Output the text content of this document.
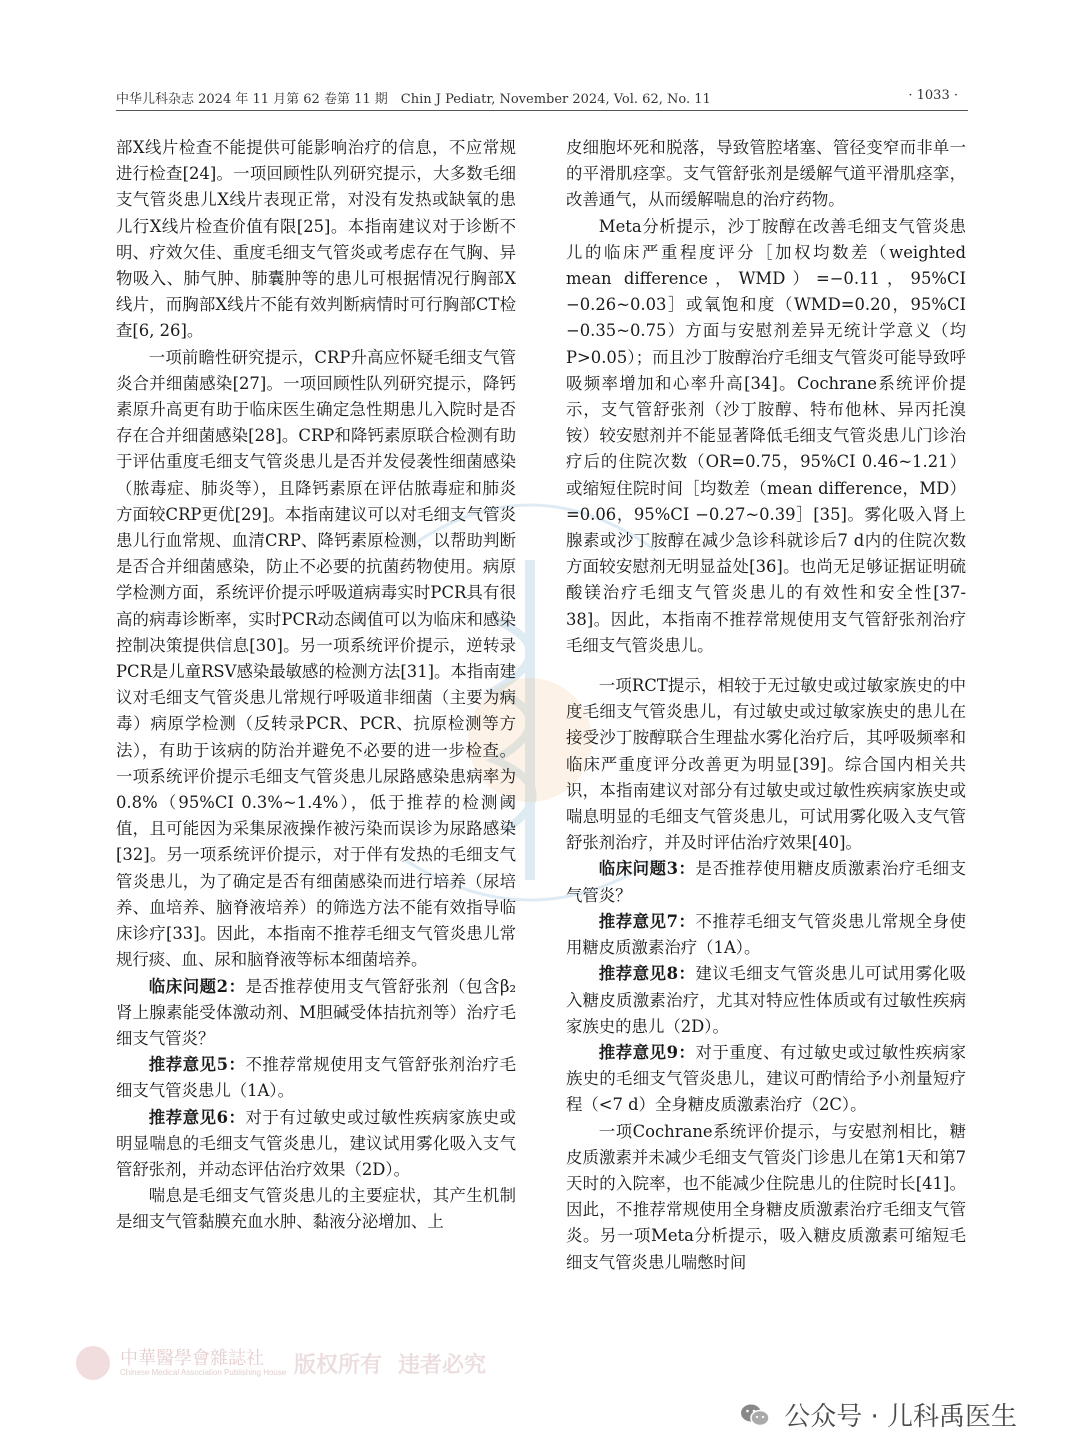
中华儿科杂志 2024 年 11 月第 62 卷第 11 期　Chin J Pediatr, November 2024, Vol. 62, No. 11	· 1033 ·

部X线片检查不能提供可能影响治疗的信息，不应常规进行检查[24]。一项回顾性队列研究提示，大多数毛细支气管炎患儿X线片表现正常，对没有发热或缺氧的患儿行X线片检查价值有限[25]。本指南建议对于诊断不明、疗效欠佳、重度毛细支气管炎或考虑存在气胸、异物吸入、肺气肿、肺囊肿等的患儿可根据情况行胸部X线片，而胸部X线片不能有效判断病情时可行胸部CT检查[6, 26]。

一项前瞻性研究提示，CRP升高应怀疑毛细支气管炎合并细菌感染[27]。一项回顾性队列研究提示，降钙素原升高更有助于临床医生确定急性期患儿入院时是否存在合并细菌感染[28]。CRP和降钙素原联合检测有助于评估重度毛细支气管炎患儿是否并发侵袭性细菌感染（脓毒症、肺炎等），且降钙素原在评估脓毒症和肺炎方面较CRP更优[29]。本指南建议可以对毛细支气管炎患儿行血常规、血清CRP、降钙素原检测，以帮助判断是否合并细菌感染，防止不必要的抗菌药物使用。病原学检测方面，系统评价提示呼吸道病毒实时PCR具有很高的病毒诊断率，实时PCR动态阈值可以为临床和感染控制决策提供信息[30]。另一项系统评价提示，逆转录PCR是儿童RSV感染最敏感的检测方法[31]。本指南建议对毛细支气管炎患儿常规行呼吸道非细菌（主要为病毒）病原学检测（反转录PCR、PCR、抗原检测等方法），有助于该病的防治并避免不必要的进一步检查。一项系统评价提示毛细支气管炎患儿尿路感染患病率为0.8%（95%CI 0.3%~1.4%），低于推荐的检测阈值，且可能因为采集尿液操作被污染而误诊为尿路感染[32]。另一项系统评价提示，对于伴有发热的毛细支气管炎患儿，为了确定是否有细菌感染而进行培养（尿培养、血培养、脑脊液培养）的筛选方法不能有效指导临床诊疗[33]。因此，本指南不推荐毛细支气管炎患儿常规行痰、血、尿和脑脊液等标本细菌培养。

临床问题2：是否推荐使用支气管舒张剂（包含β₂肾上腺素能受体激动剂、M胆碱受体拮抗剂等）治疗毛细支气管炎？

推荐意见5：不推荐常规使用支气管舒张剂治疗毛细支气管炎患儿（1A）。

推荐意见6：对于有过敏史或过敏性疾病家族史或明显喘息的毛细支气管炎患儿，建议试用雾化吸入支气管舒张剂，并动态评估治疗效果（2D）。

喘息是毛细支气管炎患儿的主要症状，其产生机制是细支气管黏膜充血水肿、黏液分泌增加、上

皮细胞坏死和脱落，导致管腔堵塞、管径变窄而非单一的平滑肌痉挛。支气管舒张剂是缓解气道平滑肌痉挛，改善通气，从而缓解喘息的治疗药物。

Meta分析提示，沙丁胺醇在改善毛细支气管炎患儿的临床严重程度评分［加权均数差（weighted mean difference，WMD）=−0.11，95%CI −0.26~0.03］或氧饱和度（WMD=0.20，95%CI −0.35~0.75）方面与安慰剂差异无统计学意义（均P>0.05）；而且沙丁胺醇治疗毛细支气管炎可能导致呼吸频率增加和心率升高[34]。Cochrane系统评价提示，支气管舒张剂（沙丁胺醇、特布他林、异丙托溴铵）较安慰剂并不能显著降低毛细支气管炎患儿门诊治疗后的住院次数（OR=0.75，95%CI 0.46~1.21）或缩短住院时间［均数差（mean difference，MD）=0.06，95%CI −0.27~0.39］[35]。雾化吸入肾上腺素或沙丁胺醇在减少急诊科就诊后7 d内的住院次数方面较安慰剂无明显益处[36]。也尚无足够证据证明硫酸镁治疗毛细支气管炎患儿的有效性和安全性[37-38]。因此，本指南不推荐常规使用支气管舒张剂治疗毛细支气管炎患儿。

一项RCT提示，相较于无过敏史或过敏家族史的中度毛细支气管炎患儿，有过敏史或过敏家族史的患儿在接受沙丁胺醇联合生理盐水雾化治疗后，其呼吸频率和临床严重度评分改善更为明显[39]。综合国内相关共识，本指南建议对部分有过敏史或过敏性疾病家族史或喘息明显的毛细支气管炎患儿，可试用雾化吸入支气管舒张剂治疗，并及时评估治疗效果[40]。

临床问题3：是否推荐使用糖皮质激素治疗毛细支气管炎？

推荐意见7：不推荐毛细支气管炎患儿常规全身使用糖皮质激素治疗（1A）。

推荐意见8：建议毛细支气管炎患儿可试用雾化吸入糖皮质激素治疗，尤其对特应性体质或有过敏性疾病家族史的患儿（2D）。

推荐意见9：对于重度、有过敏史或过敏性疾病家族史的毛细支气管炎患儿，建议可酌情给予小剂量短疗程（<7 d）全身糖皮质激素治疗（2C）。

一项Cochrane系统评价提示，与安慰剂相比，糖皮质激素并未减少毛细支气管炎门诊患儿在第1天和第7天时的入院率，也不能减少住院患儿的住院时长[41]。因此，不推荐常规使用全身糖皮质激素治疗毛细支气管炎。另一项Meta分析提示，吸入糖皮质激素可缩短毛细支气管炎患儿喘憋时间

中華醫學會雜誌社
Chinese Medical Association Publishing House 版权所有 违者必究
公众号 · 儿科禹医生
